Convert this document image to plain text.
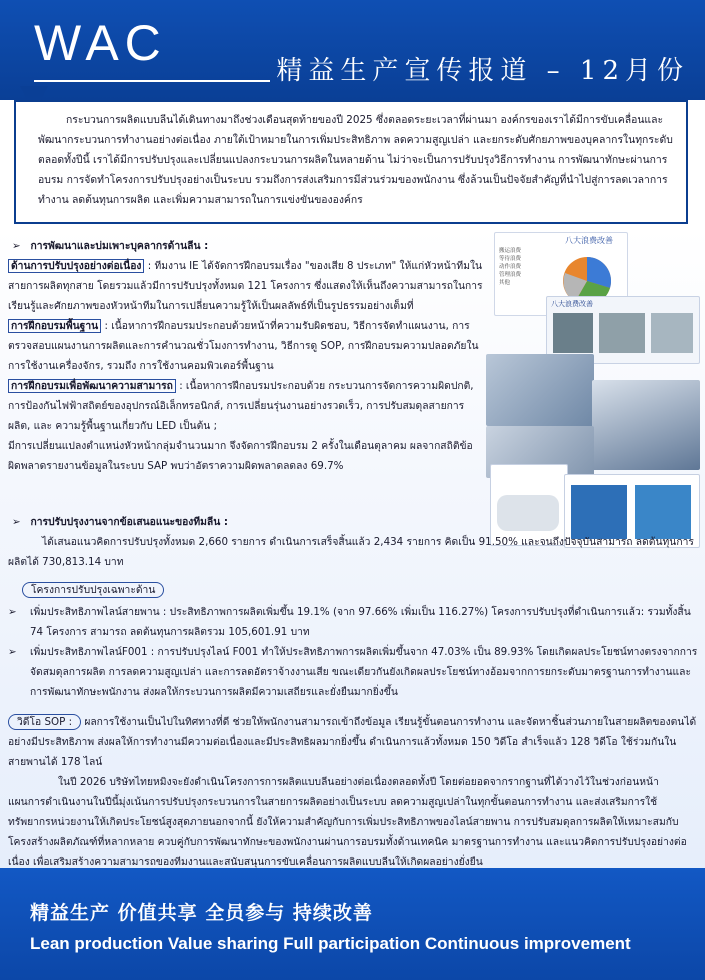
WAC	精益生产宣传报道 – 12月份
กระบวนการผลิตแบบลีนได้เดินทางมาถึงช่วงเดือนสุดท้ายของปี 2025 ซึ่งตลอดระยะเวลาที่ผ่านมา องค์กรของเราได้มีการขับเคลื่อนและพัฒนากระบวนการทำงานอย่างต่อเนื่อง ภายใต้เป้าหมายในการเพิ่มประสิทธิภาพ ลดความสูญเปล่า และยกระดับศักยภาพของบุคลากรในทุกระดับตลอดทั้งปีนี้ เราได้มีการปรับปรุงและเปลี่ยนแปลงกระบวนการผลิตในหลายด้าน ไม่ว่าจะเป็นการปรับปรุงวิธีการทำงาน การพัฒนาทักษะผ่านการอบรม การจัดทำโครงการปรับปรุงอย่างเป็นระบบ รวมถึงการส่งเสริมการมีส่วนร่วมของพนักงาน ซึ่งล้วนเป็นปัจจัยสำคัญที่นำไปสู่การลดเวลาการทำงาน ลดต้นทุนการผลิต และเพิ่มความสามารถในการแข่งขันขององค์กร
➢ การพัฒนาและบ่มเพาะบุคลากรด้านลีน :
ด้านการปรับปรุงอย่างต่อเนื่อง : ทีมงาน IE ได้จัดการฝึกอบรมเรื่อง "ของเสีย 8 ประเภท" ให้แก่หัวหน้าทีมในสายการผลิตทุกสาย โดยรวมแล้วมีการปรับปรุงทั้งหมด 121 โครงการ ซึ่งแสดงให้เห็นถึงความสามารถในการเรียนรู้และศักยภาพของหัวหน้าทีมในการเปลี่ยนความรู้ให้เป็นผลลัพธ์ที่เป็นรูปธรรมอย่างเต็มที่
การฝึกอบรมพื้นฐาน : เนื้อหาการฝึกอบรมประกอบด้วยหน้าที่ความรับผิดชอบ, วิธีการจัดทำแผนงาน, การตรวจสอบแผนงานการผลิตและการคำนวณชั่วโมงการทำงาน, วิธีการดู SOP, การฝึกอบรมความปลอดภัยในการใช้งานเครื่องจักร, รวมถึง การใช้งานคอมพิวเตอร์พื้นฐาน
การฝึกอบรมเพื่อพัฒนาความสามารถ : เนื้อหาการฝึกอบรมประกอบด้วย กระบวนการจัดการความผิดปกติ, การป้องกันไฟฟ้าสถิตย์ของอุปกรณ์อิเล็กทรอนิกส์, การเปลี่ยนรุ่นงานอย่างรวดเร็ว, การปรับสมดุลสายการผลิต, และ ความรู้พื้นฐานเกี่ยวกับ LED เป็นต้น ;
มีการเปลี่ยนแปลงตำแหน่งหัวหน้ากลุ่มจำนวนมาก จึงจัดการฝึกอบรม 2 ครั้งในเดือนตุลาคม ผลจากสถิติข้อผิดพลาดรายงานข้อมูลในระบบ SAP พบว่าอัตราความผิดพลาดลดลง 69.7%
八大浪费改善
搬运浪费
等待浪费
动作浪费
管理浪费
其他
八大浪费改善
➢ การปรับปรุงงานจากข้อเสนอแนะของทีมลีน :
ได้เสนอแนวคิดการปรับปรุงทั้งหมด 2,660 รายการ ดำเนินการเสร็จสิ้นแล้ว 2,434 รายการ คิดเป็น 91.50% และจนถึงปัจจุบันสามารถ ลดต้นทุนการผลิตได้ 730,813.14 บาท
โครงการปรับปรุงเฉพาะด้าน
➢	เพิ่มประสิทธิภาพไลน์สายพาน : ประสิทธิภาพการผลิตเพิ่มขึ้น 19.1% (จาก 97.66% เพิ่มเป็น 116.27%) โครงการปรับปรุงที่ดำเนินการแล้ว: รวมทั้งสิ้น 74 โครงการ สามารถ ลดต้นทุนการผลิตรวม 105,601.91 บาท
➢	เพิ่มประสิทธิภาพไลน์F001 : การปรับปรุงไลน์ F001 ทำให้ประสิทธิภาพการผลิตเพิ่มขึ้นจาก 47.03% เป็น 89.93% โดยเกิดผลประโยชน์ทางตรงจากการจัดสมดุลการผลิต การลดความสูญเปล่า และการลดอัตราจ้างงานเสีย ขณะเดียวกันยังเกิดผลประโยชน์ทางอ้อมจากการยกระดับมาตรฐานการทำงานและการพัฒนาทักษะพนักงาน ส่งผลให้กระบวนการผลิตมีความเสถียรและยั่งยืนมากยิ่งขึ้น
วิดีโอ SOP : ผลการใช้งานเป็นไปในทิศทางที่ดี ช่วยให้พนักงานสามารถเข้าถึงข้อมูล เรียนรู้ขั้นตอนการทำงาน และจัดหาชิ้นส่วนภายในสายผลิตของตนได้อย่างมีประสิทธิภาพ ส่งผลให้การทำงานมีความต่อเนื่องและมีประสิทธิผลมากยิ่งขึ้น ดำเนินการแล้วทั้งหมด 150 วิดีโอ สำเร็จแล้ว 128 วิดีโอ ใช้ร่วมกันในสายพานได้ 178 ไลน์
ในปี 2026 บริษัทไทยหมิงจะยังดำเนินโครงการการผลิตแบบลีนอย่างต่อเนื่องตลอดทั้งปี โดยต่อยอดจากรากฐานที่ได้วางไว้ในช่วงก่อนหน้า แผนการดำเนินงานในปีนี้มุ่งเน้นการปรับปรุงกระบวนการในสายการผลิตอย่างเป็นระบบ ลดความสูญเปล่าในทุกขั้นตอนการทำงาน และส่งเสริมการใช้ทรัพยากรหน่วยงานให้เกิดประโยชน์สูงสุดภายนอกจากนี้ ยังให้ความสำคัญกับการเพิ่มประสิทธิภาพของไลน์สายพาน การปรับสมดุลการผลิตให้เหมาะสมกับโครงสร้างผลิตภัณฑ์ที่หลากหลาย ควบคู่กับการพัฒนาทักษะของพนักงานผ่านการอบรมทั้งด้านเทคนิค มาตรฐานการทำงาน และแนวคิดการปรับปรุงอย่างต่อเนื่อง เพื่อเสริมสร้างความสามารถของทีมงานและสนับสนุนการขับเคลื่อนการผลิตแบบลีนให้เกิดผลอย่างยั่งยืน
精益生产 价值共享 全员参与 持续改善
Lean production Value sharing Full participation Continuous improvement
